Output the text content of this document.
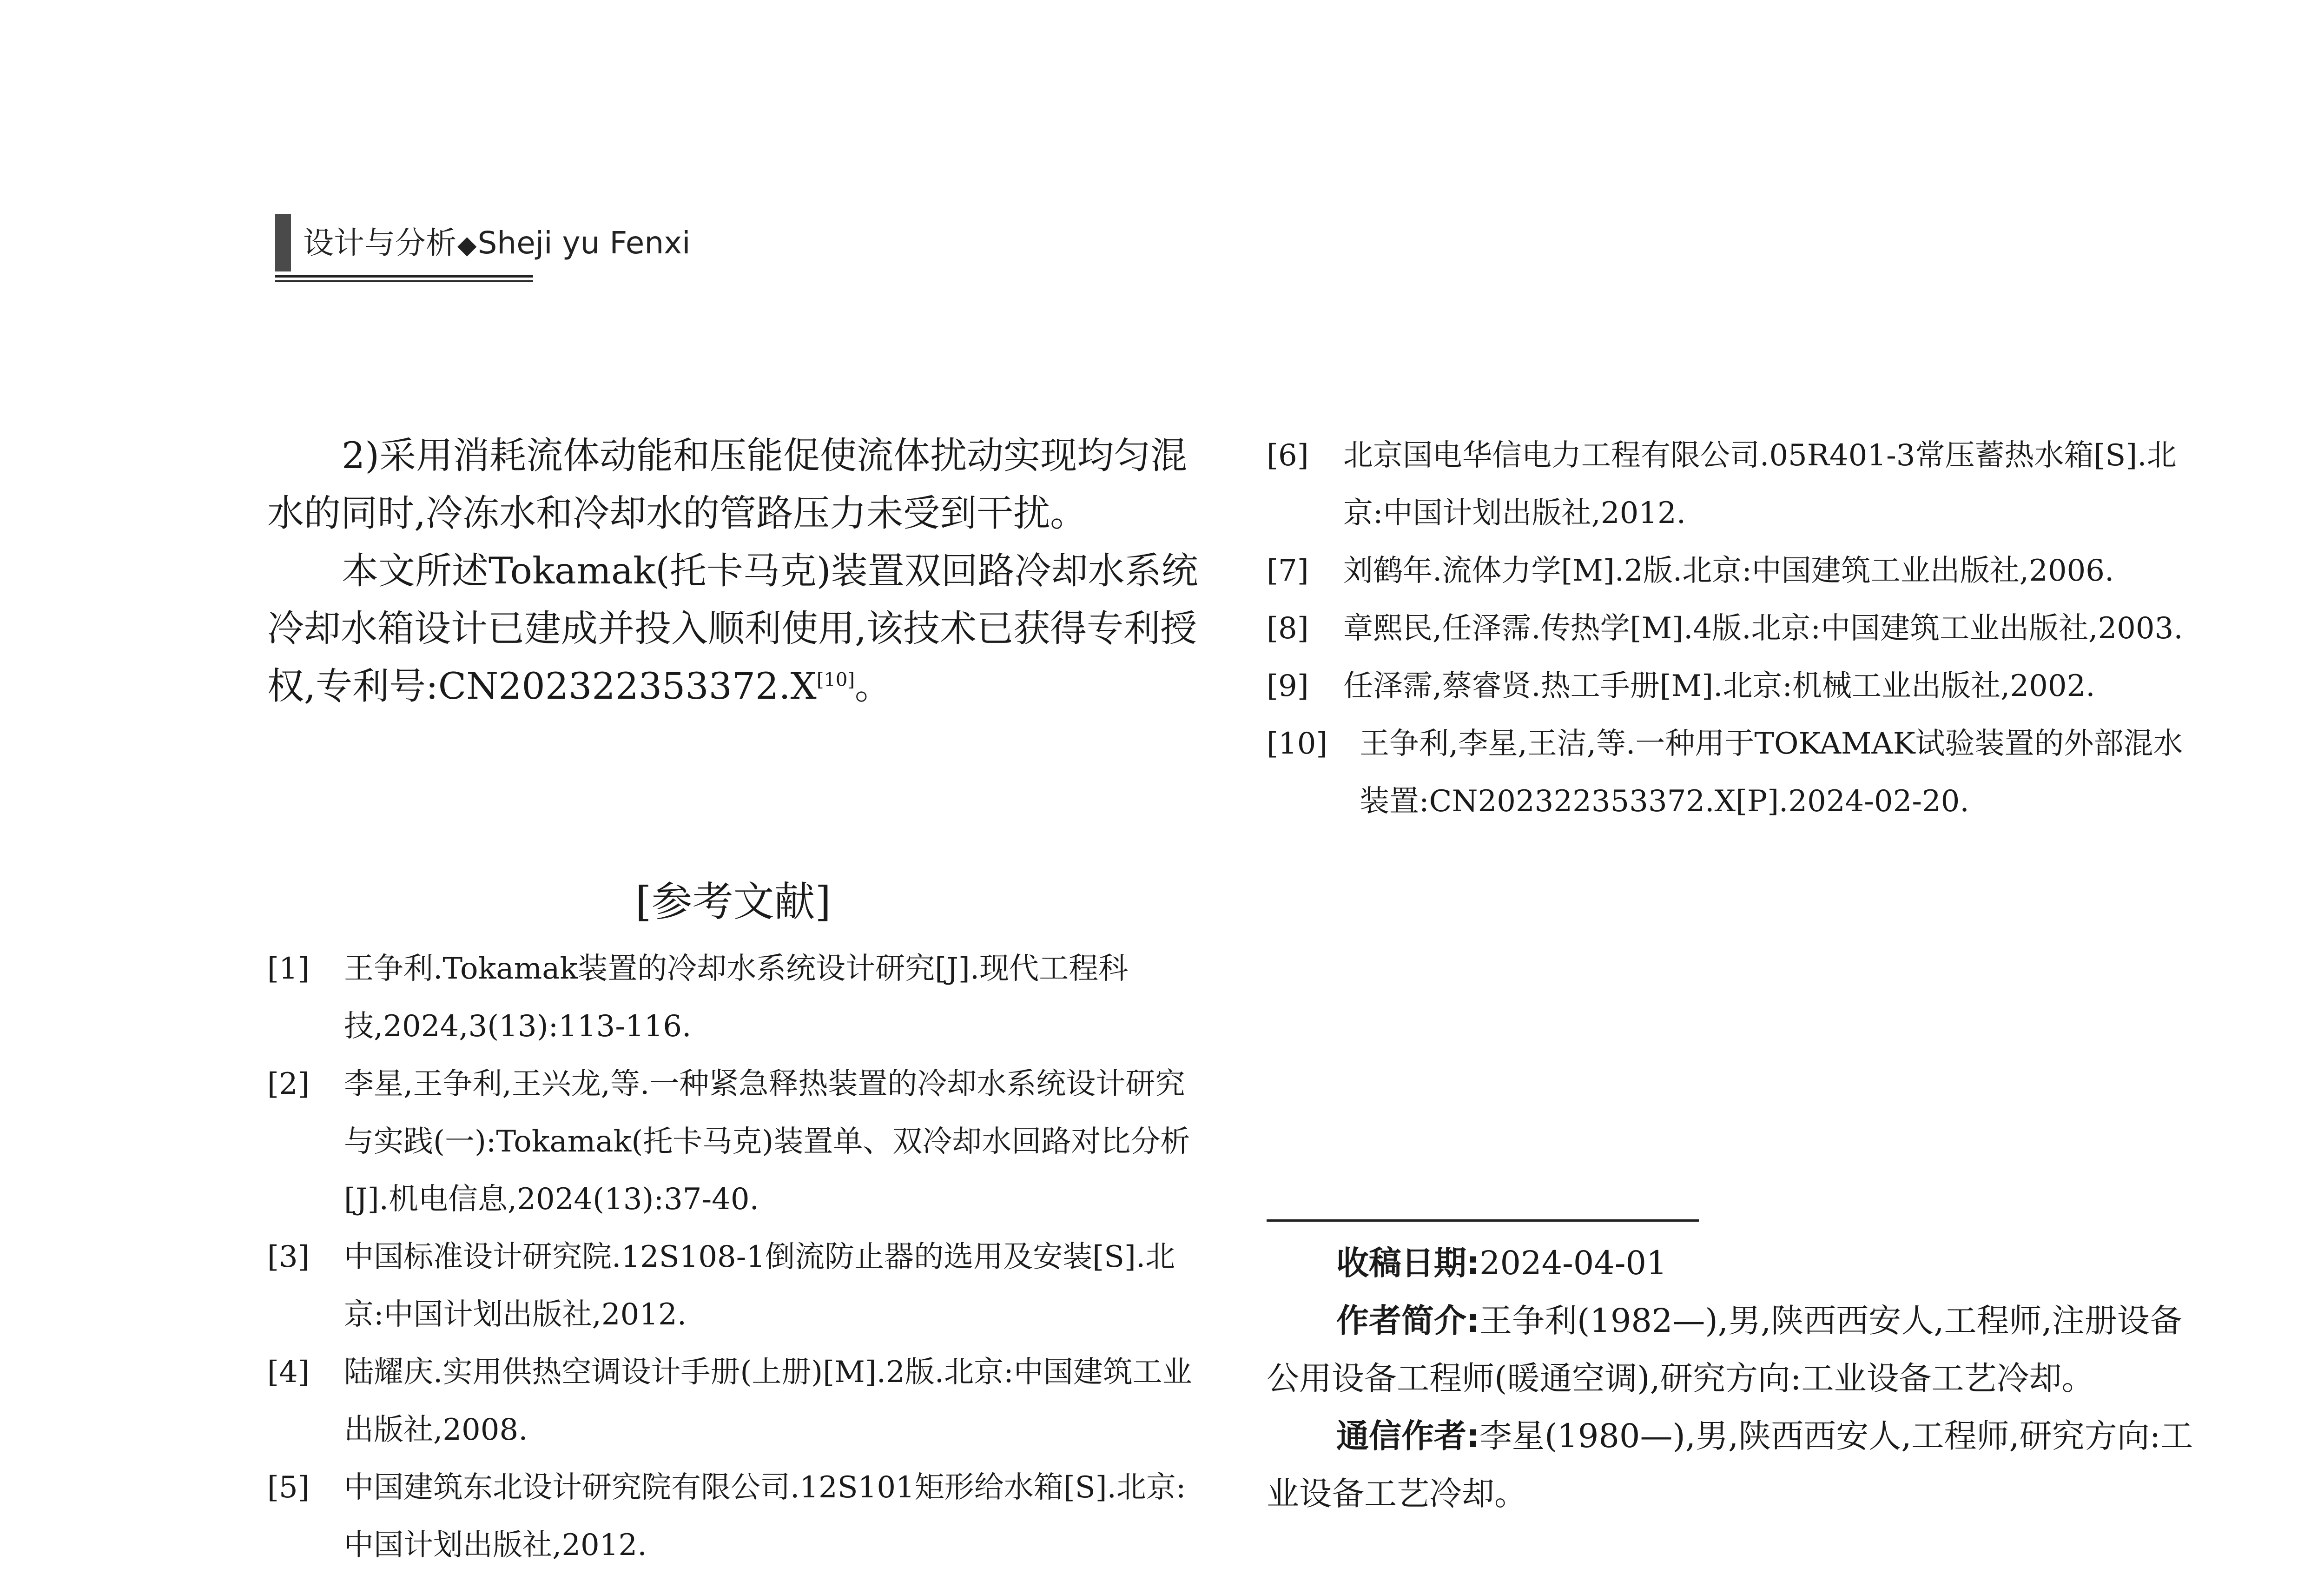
设计与分析◆Sheji yu Fenxi

2)采用消耗流体动能和压能促使流体扰动实现均匀混水的同时,冷冻水和冷却水的管路压力未受到干扰。

本文所述Tokamak(托卡马克)装置双回路冷却水系统冷却水箱设计已建成并投入顺利使用,该技术已获得专利授权,专利号:CN202322353372.X[10]。

[参考文献]
[1] 王争利.Tokamak装置的冷却水系统设计研究[J].现代工程科技,2024,3(13):113-116.
[2] 李星,王争利,王兴龙,等.一种紧急释热装置的冷却水系统设计研究与实践(一):Tokamak(托卡马克)装置单、双冷却水回路对比分析[J].机电信息,2024(13):37-40.
[3] 中国标准设计研究院.12S108-1倒流防止器的选用及安装[S].北京:中国计划出版社,2012.
[4] 陆耀庆.实用供热空调设计手册(上册)[M].2版.北京:中国建筑工业出版社,2008.
[5] 中国建筑东北设计研究院有限公司.12S101矩形给水箱[S].北京:中国计划出版社,2012.
[6] 北京国电华信电力工程有限公司.05R401-3常压蓄热水箱[S].北京:中国计划出版社,2012.
[7] 刘鹤年.流体力学[M].2版.北京:中国建筑工业出版社,2006.
[8] 章熙民,任泽霈.传热学[M].4版.北京:中国建筑工业出版社,2003.
[9] 任泽霈,蔡睿贤.热工手册[M].北京:机械工业出版社,2002.
[10] 王争利,李星,王洁,等.一种用于TOKAMAK试验装置的外部混水装置:CN202322353372.X[P].2024-02-20.

收稿日期:2024-04-01

作者简介:王争利(1982—),男,陕西西安人,工程师,注册设备公用设备工程师(暖通空调),研究方向:工业设备工艺冷却。

通信作者:李星(1980—),男,陕西西安人,工程师,研究方向:工业设备工艺冷却。
